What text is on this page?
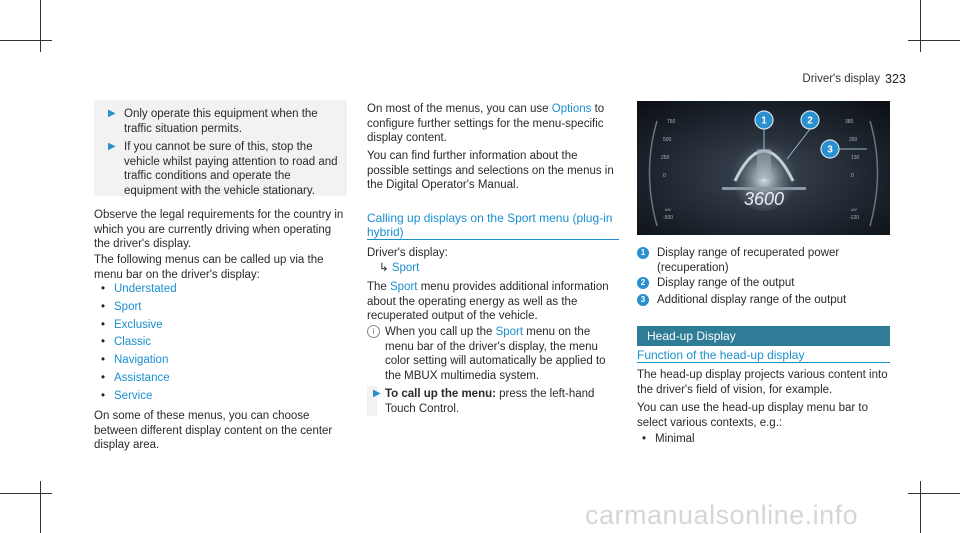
Driver's display 323
▶ Only operate this equipment when the traffic situation permits.
▶ If you cannot be sure of this, stop the vehicle whilst paying attention to road and traffic conditions and operate the equipment with the vehicle stationary.
Observe the legal requirements for the country in which you are currently driving when operating the driver's display.
The following menus can be called up via the menu bar on the driver's display:
• Understated
• Sport
• Exclusive
• Classic
• Navigation
• Assistance
• Service
On some of these menus, you can choose between different display content on the center display area.
On most of the menus, you can use Options to configure further settings for the menu-specific display content.
You can find further information about the possible settings and selections on the menus in the Digital Operator's Manual.
Calling up displays on the Sport menu (plug-in
hybrid)
Driver's display:
↳ Sport
The Sport menu provides additional information about the operating energy as well as the recuperated output of the vehicle.
i When you call up the Sport menu on the menu bar of the driver's display, the menu color setting will automatically be applied to the MBUX multimedia system.
▶ To call up the menu: press the left-hand Touch Control.
3600
750
500
250
0
-500
kW
380
260
130
0
-120
kW
1	2
3
1	Display range of recuperated power (recuperation)
2	Display range of the output
3	Additional display range of the output
Head-up Display
Function of the head-up display
The head-up display projects various content into the driver's field of vision, for example.
You can use the head-up display menu bar to select various contexts, e.g.:
• Minimal
carmanualsonline.info
